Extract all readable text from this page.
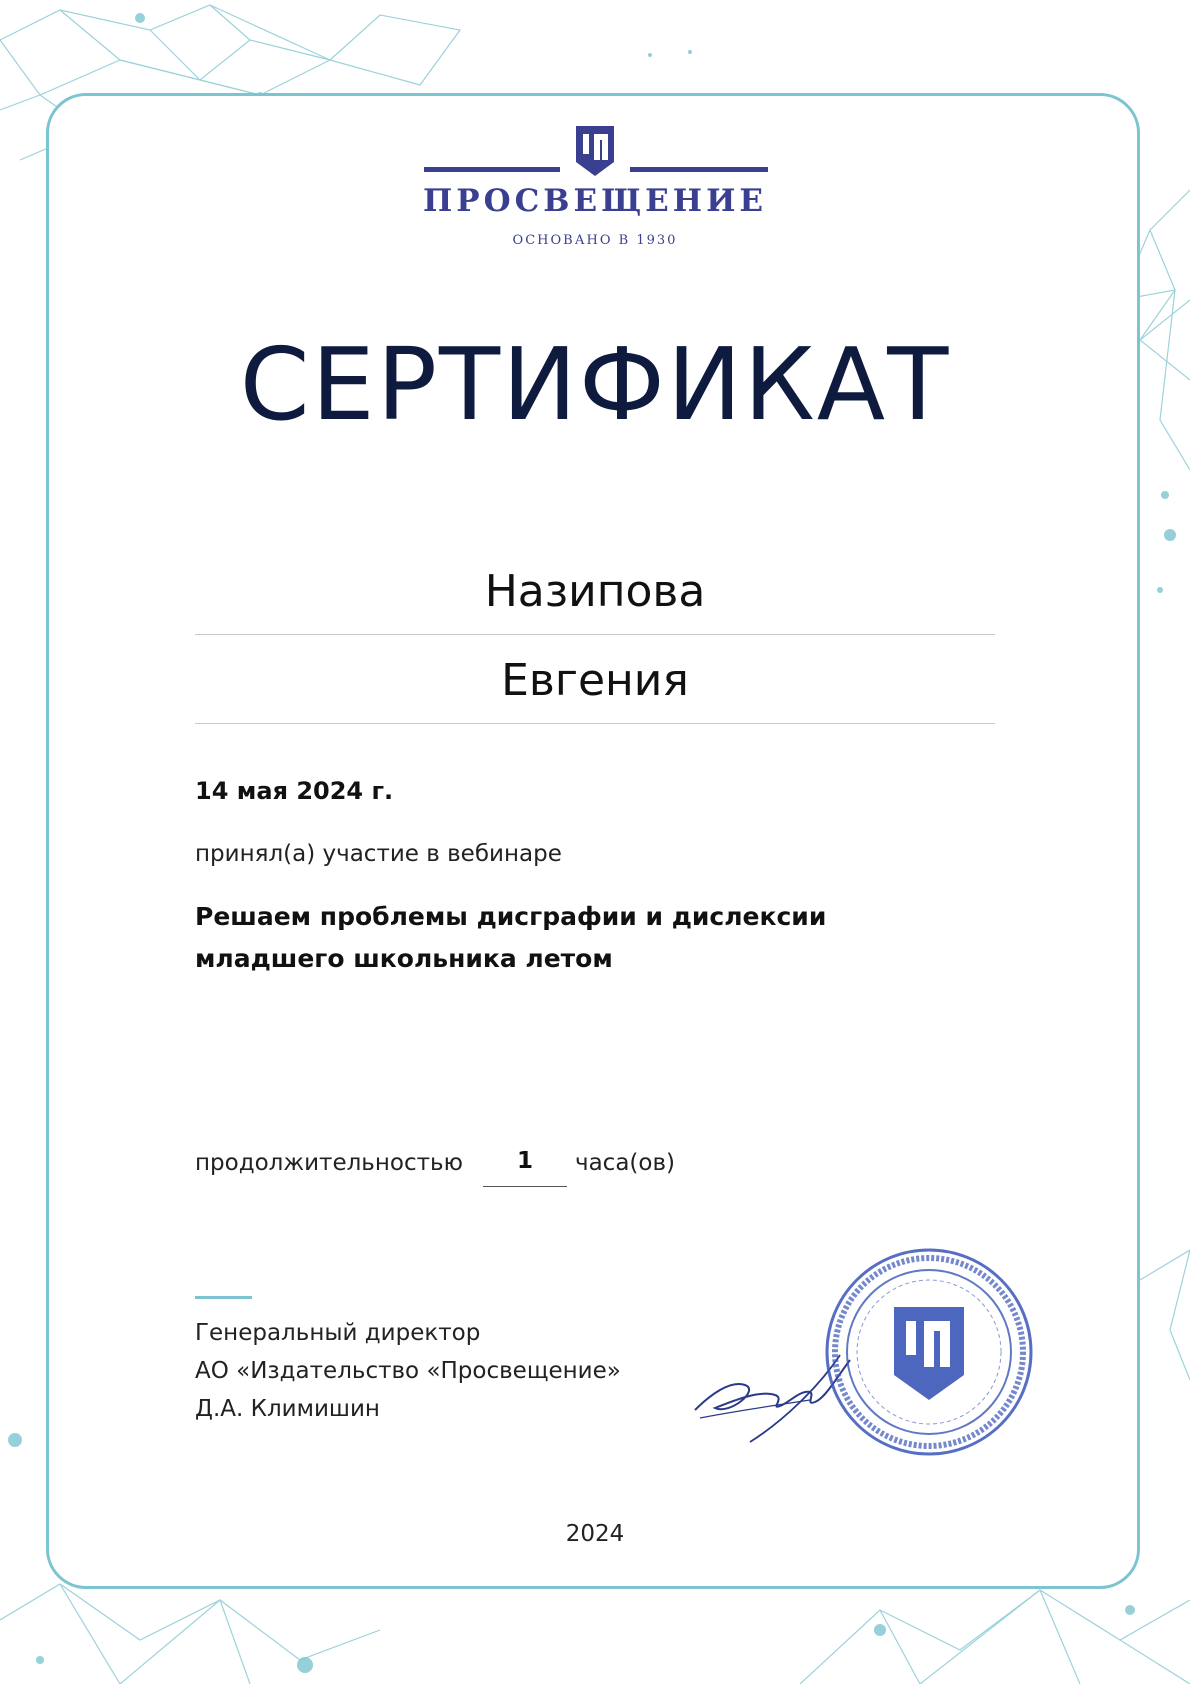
ПРОСВЕЩЕНИЕ
ОСНОВАНО В 1930
СЕРТИФИКАТ
Назипова
Евгения
14 мая 2024 г.
принял(а) участие в вебинаре
Решаем проблемы дисграфии и дислексии
младшего школьника летом
продолжительностью	1	часа(ов)
Генеральный директор
АО «Издательство «Просвещение»
Д.А. Климишин
2024
